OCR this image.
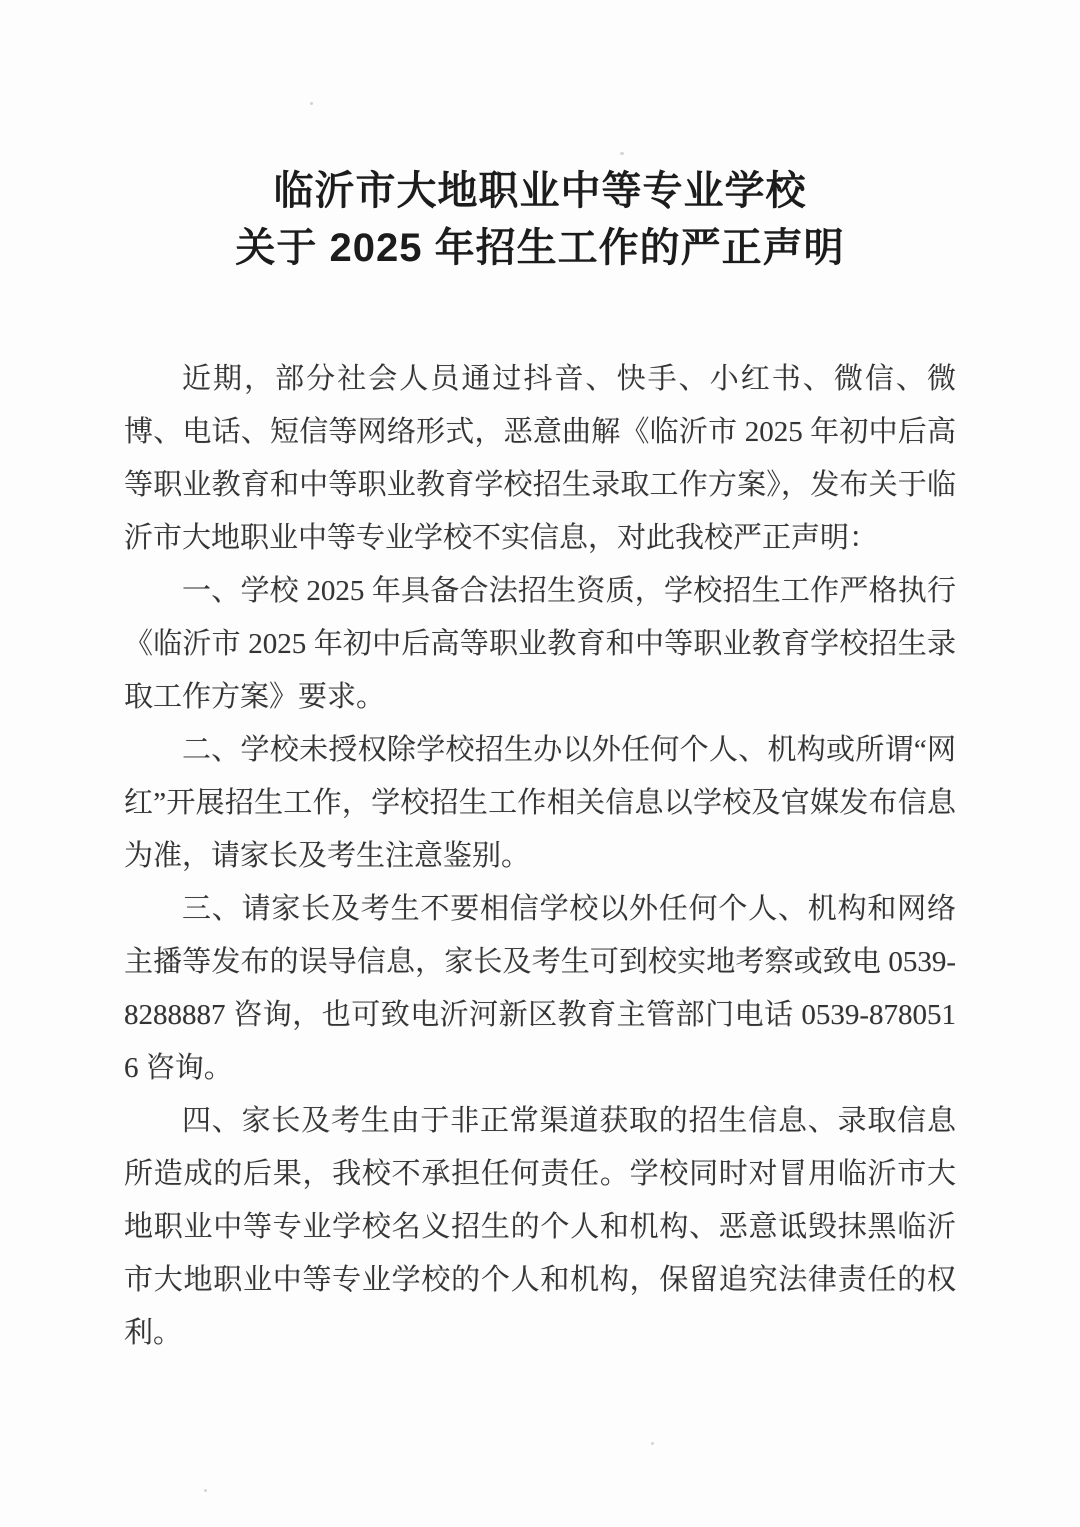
临沂市大地职业中等专业学校
关于 2025 年招生工作的严正声明

近期，部分社会人员通过抖音、快手、小红书、微信、微博、电话、短信等网络形式，恶意曲解《临沂市 2025 年初中后高等职业教育和中等职业教育学校招生录取工作方案》，发布关于临沂市大地职业中等专业学校不实信息，对此我校严正声明：

一、学校 2025 年具备合法招生资质，学校招生工作严格执行《临沂市 2025 年初中后高等职业教育和中等职业教育学校招生录取工作方案》要求。

二、学校未授权除学校招生办以外任何个人、机构或所谓“网红”开展招生工作，学校招生工作相关信息以学校及官媒发布信息为准，请家长及考生注意鉴别。

三、请家长及考生不要相信学校以外任何个人、机构和网络主播等发布的误导信息，家长及考生可到校实地考察或致电 0539-8288887 咨询，也可致电沂河新区教育主管部门电话 0539-8780516 咨询。

四、家长及考生由于非正常渠道获取的招生信息、录取信息所造成的后果，我校不承担任何责任。学校同时对冒用临沂市大地职业中等专业学校名义招生的个人和机构、恶意诋毁抹黑临沂市大地职业中等专业学校的个人和机构，保留追究法律责任的权利。
